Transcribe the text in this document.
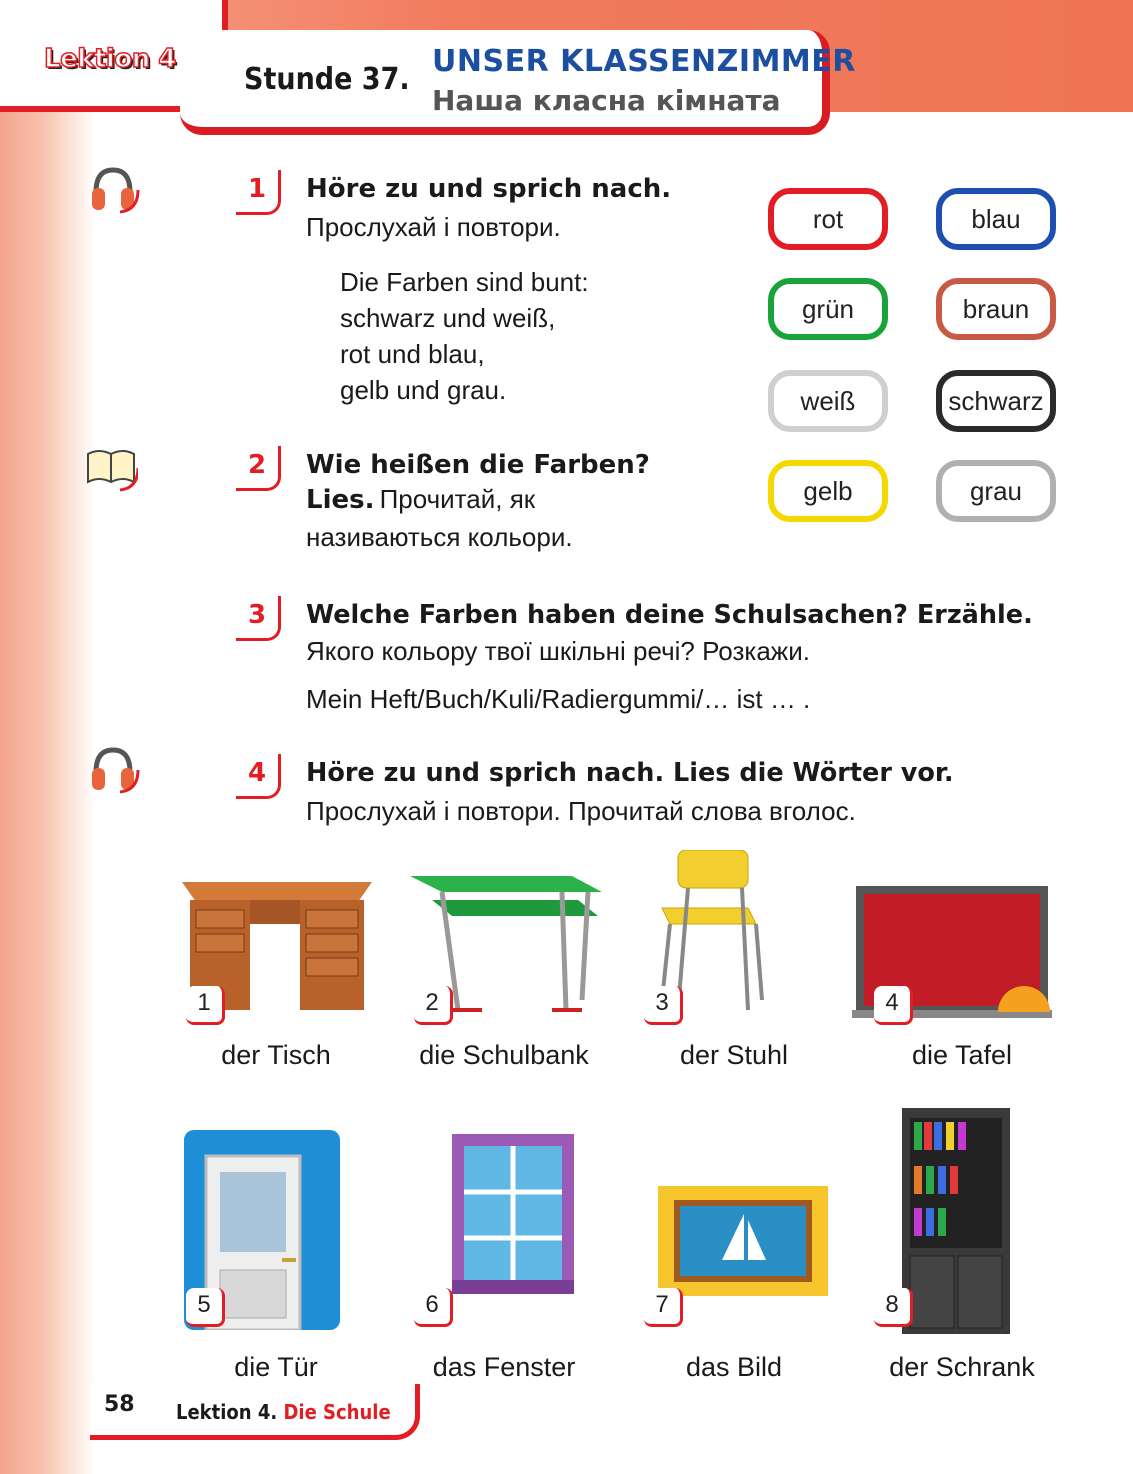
Lektion 4
Stunde 37.
UNSER KLASSENZIMMER
Наша класна кімната
1	Höre zu und sprich nach.
Прослухай і повтори.
Die Farben sind bunt:
schwarz und weiß,
rot und blau,
gelb und grau.
2	Wie heißen die Farben?
Lies. Прочитай, як
називаються кольори.
rot	blau
grün	braun
weiß	schwarz
gelb	grau
3	Welche Farben haben deine Schulsachen? Erzähle.
Якого кольору твої шкільні речі? Розкажи.
Mein Heft/Buch/Kuli/Radiergummi/… ist … .
4	Höre zu und sprich nach. Lies die Wörter vor.
Прослухай і повтори. Прочитай слова вголос.
1	2	3	4
der Tisch	die Schulbank	der Stuhl	die Tafel
5	6	7	8
die Tür	das Fenster	das Bild	der Schrank
58 Lektion 4. Die Schule
